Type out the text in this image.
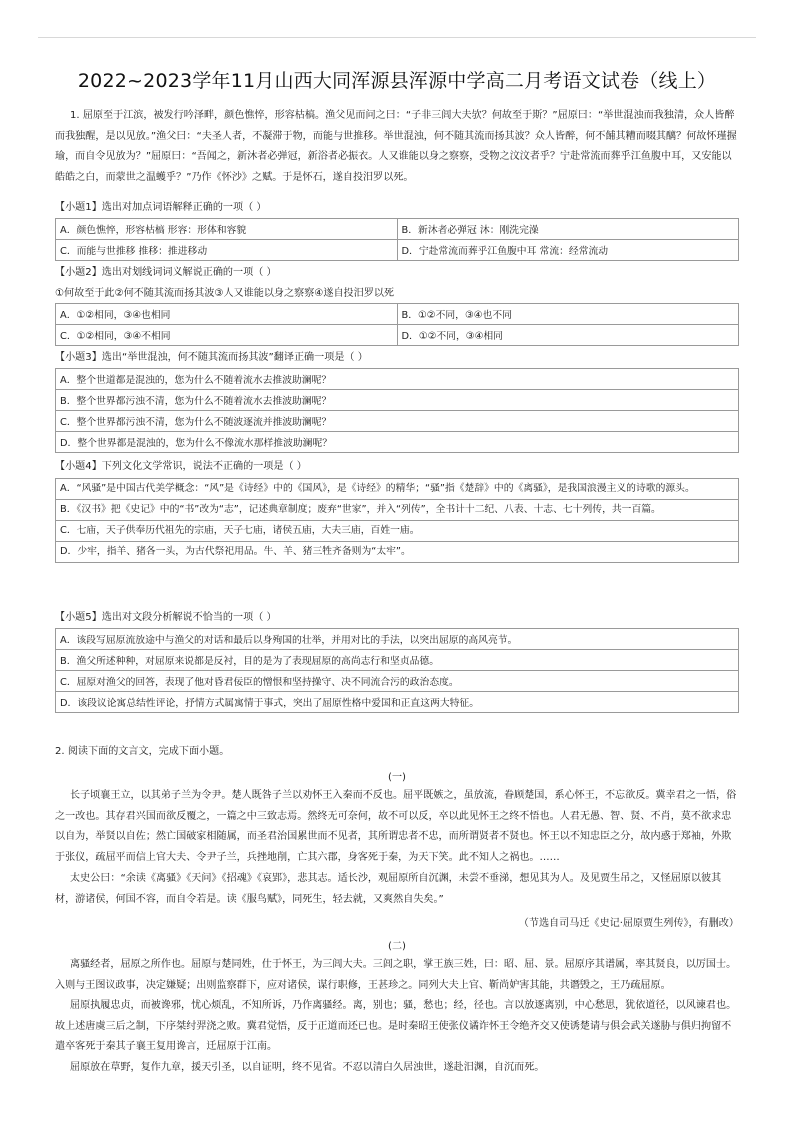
2022~2023学年11月山西大同浑源县浑源中学高二月考语文试卷（线上）

1. 屈原至于江滨，被发行吟泽畔，颜色憔悴，形容枯槁。渔父见而问之曰：“子非三闾大夫欤？何故至于斯？”屈原曰：“举世混浊而我独清，众人皆醉而我独醒，是以见放。”渔父曰：“夫圣人者，不凝滞于物，而能与世推移。举世混浊，何不随其流而扬其波？众人皆醉，何不餔其糟而啜其醨？何故怀瑾握瑜，而自令见放为？”屈原曰：“吾闻之，新沐者必弹冠，新浴者必振衣。人又谁能以身之察察，受物之汶汶者乎？宁赴常流而葬乎江鱼腹中耳，又安能以皓皓之白，而蒙世之温蠖乎？”乃作《怀沙》之赋。于是怀石，遂自投汨罗以死。

【小题1】选出对加点词语解释正确的一项（ ）

A．颜色憔悴，形容枯槁 形容：形体和容貌	B．新沐者必弹冠 沐：刚洗完澡
C．而能与世推移 推移：推进移动	D．宁赴常流而葬乎江鱼腹中耳 常流：经常流动

【小题2】选出对划线词词义解说正确的一项（ ）

①何故至于此②何不随其流而扬其波③人又谁能以身之察察④遂自投汨罗以死

A．①②相同，③④也相同	B．①②不同，③④也不同
C．①②相同，③④不相同	D．①②不同，③④相同

【小题3】选出“举世混浊，何不随其流而扬其波”翻译正确一项是（ ）

A．整个世道都是混浊的，您为什么不随着流水去推波助澜呢？
B．整个世界都污浊不清，您为什么不随着流水去推波助澜呢？
C．整个世界都污浊不清，您为什么不随波逐流并推波助澜呢？
D．整个世界都是混浊的，您为什么不像流水那样推波助澜呢？

【小题4】下列文化文学常识，说法不正确的一项是（ ）

A．“风骚”是中国古代美学概念：“风”是《诗经》中的《国风》，是《诗经》的精华；“骚”指《楚辞》中的《离骚》，是我国浪漫主义的诗歌的源头。
B．《汉书》把《史记》中的“书”改为“志”，记述典章制度；废弃“世家”，并入“列传”，全书计十二纪、八表、十志、七十列传，共一百篇。
C．七庙，天子供奉历代祖先的宗庙，天子七庙，诸侯五庙，大夫三庙，百姓一庙。
D．少牢，指羊、猪各一头，为古代祭祀用品。牛、羊、猪三牲齐备则为“太牢”。

【小题5】选出对文段分析解说不恰当的一项（ ）

A．该段写屈原流放途中与渔父的对话和最后以身殉国的壮举，并用对比的手法，以突出屈原的高风亮节。
B．渔父所述种种，对屈原来说都是反衬，目的是为了表现屈原的高尚志行和坚贞品德。
C．屈原对渔父的回答，表现了他对昏君佞臣的憎恨和坚持操守、决不同流合污的政治态度。
D．该段议论寓总结性评论，抒情方式属寓情于事式，突出了屈原性格中爱国和正直这两大特征。

2. 阅读下面的文言文，完成下面小题。

(一)

长子顷襄王立，以其弟子兰为令尹。楚人既咎子兰以劝怀王入秦而不反也。屈平既嫉之，虽放流，眷顾楚国，系心怀王，不忘欲反。冀幸君之一悟，俗之一改也。其存君兴国而欲反覆之，一篇之中三致志焉。然终无可奈何，故不可以反，卒以此见怀王之终不悟也。人君无愚、智、贤、不肖，莫不欲求忠以自为，举贤以自佐；然亡国破家相随属，而圣君治国累世而不见者，其所谓忠者不忠，而所谓贤者不贤也。怀王以不知忠臣之分，故内惑于郑袖，外欺于张仪，疏屈平而信上官大夫、令尹子兰，兵挫地削，亡其六郡，身客死于秦，为天下笑。此不知人之祸也。……

太史公曰：“余读《离骚》《天问》《招魂》《哀郢》，悲其志。适长沙，观屈原所自沉渊，未尝不垂涕，想见其为人。及见贾生吊之，又怪屈原以彼其材，游诸侯，何国不容，而自令若是。读《服鸟赋》，同死生，轻去就，又爽然自失矣。”

（节选自司马迁《史记·屈原贾生列传》，有删改）
(二)

离骚经者，屈原之所作也。屈原与楚同姓，仕于怀王，为三闾大夫。三闾之职，掌王族三姓，曰：昭、屈、景。屈原序其谱属，率其贤良，以厉国士。入则与王图议政事，决定嫌疑；出则监察群下，应对诸侯，谋行职修，王甚珍之。同列大夫上官、靳尚妒害其能，共谮毁之，王乃疏屈原。

屈原执履忠贞，而被谗邪，忧心烦乱，不知所诉，乃作离骚经。离，别也；骚，愁也；经，径也。言以放逐离别，中心愁思，犹依道径，以风谏君也。故上述唐虞三后之制，下序桀纣羿浇之败。冀君觉悟，反于正道而还已也。是时秦昭王使张仪谲诈怀王令绝齐交又使诱楚请与俱会武关遂胁与俱归拘留不遣卒客死于秦其子襄王复用谗言，迁屈原于江南。

屈原放在草野，复作九章，援天引圣，以自证明，终不见省。不忍以清白久居浊世，遂赴汨渊，自沉而死。
